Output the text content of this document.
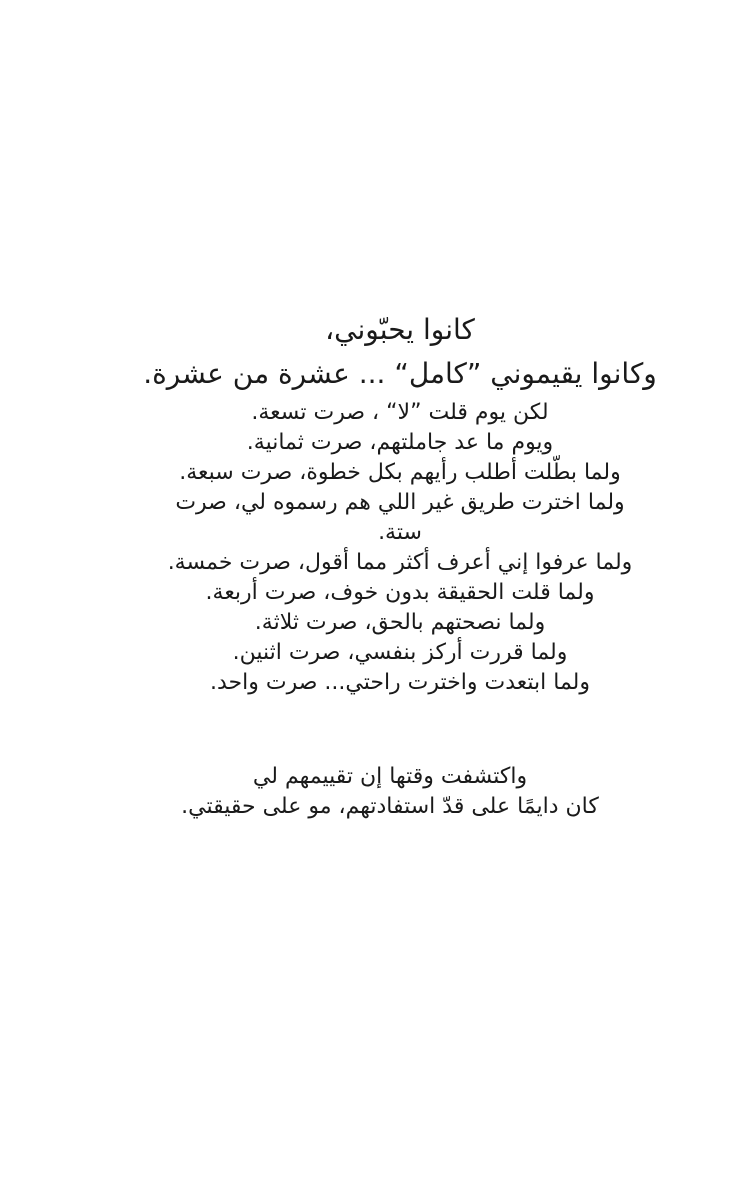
كانوا يحبّوني،
وكانوا يقيموني ”كامل“ ... عشرة من عشرة.
لكن يوم قلت ”لا“ ، صرت تسعة.
ويوم ما عد جاملتهم، صرت ثمانية.
ولما بطّلت أطلب رأيهم بكل خطوة، صرت سبعة.
ولما اخترت طريق غير اللي هم رسموه لي، صرت
ستة.
ولما عرفوا إني أعرف أكثر مما أقول، صرت خمسة.
ولما قلت الحقيقة بدون خوف، صرت أربعة.
ولما نصحتهم بالحق، صرت ثلاثة.
ولما قررت أركز بنفسي، صرت اثنين.
ولما ابتعدت واخترت راحتي... صرت واحد.
واكتشفت وقتها إن تقييمهم لي
كان دايمًا على قدّ استفادتهم، مو على حقيقتي.
